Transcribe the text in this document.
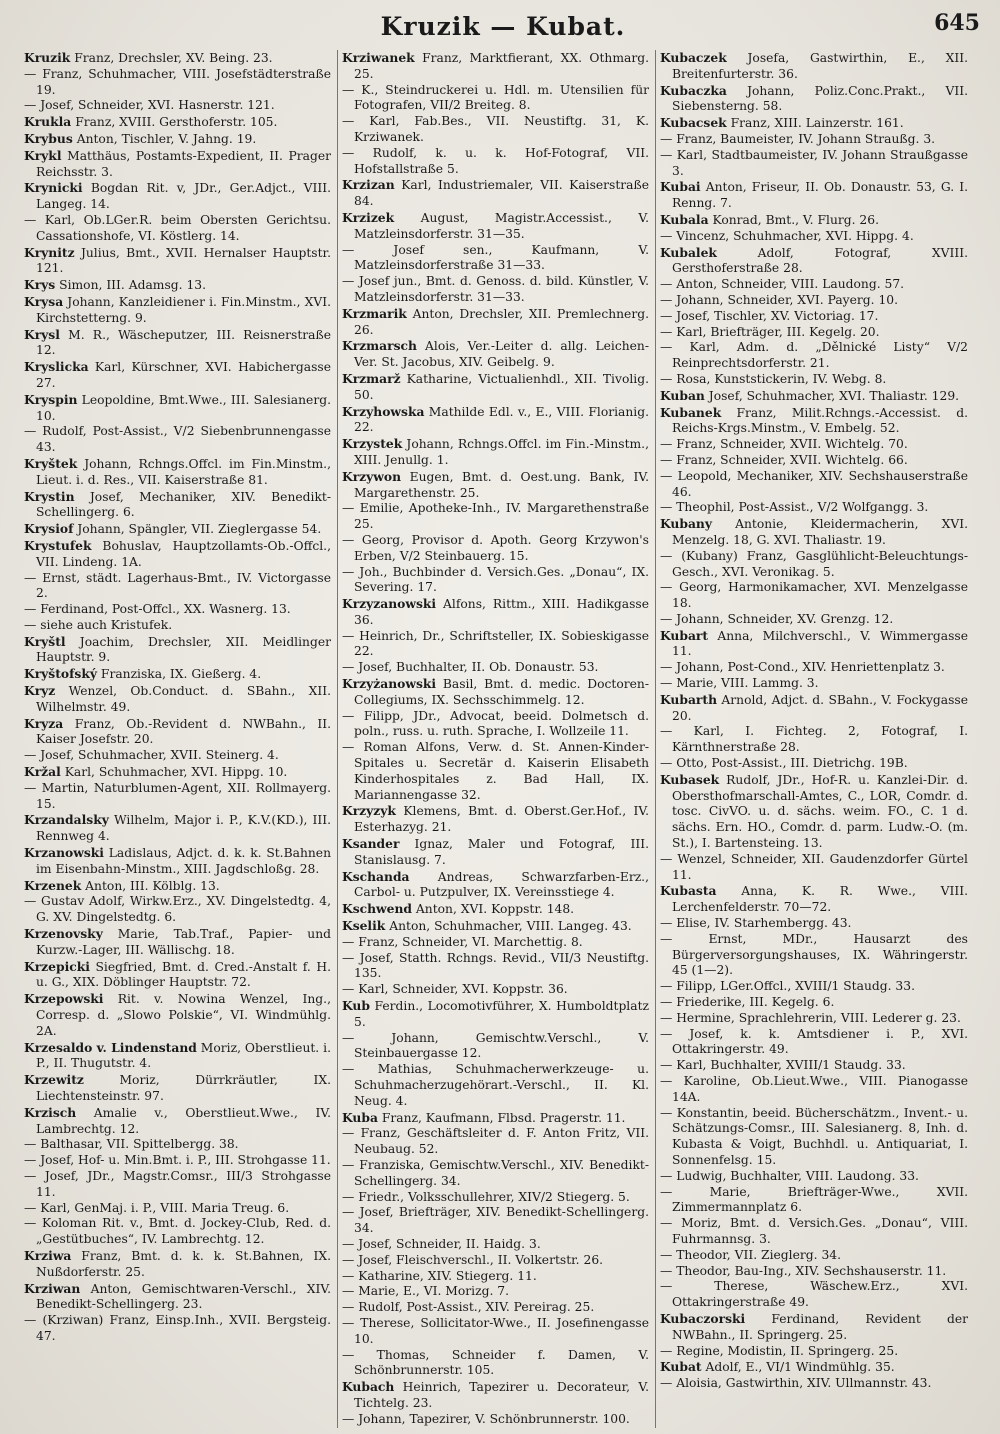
Kruzik — Kubat.	645
Kruzik Franz, Drechsler, XV. Being. 23.
— Franz, Schuhmacher, VIII. Josefstädterstraße 19.
— Josef, Schneider, XVI. Hasnerstr. 121.
Krukla Franz, XVIII. Gersthoferstr. 105.
Krybus Anton, Tischler, V. Jahng. 19.
Krykl Matthäus, Postamts-Expedient, II. Prager Reichsstr. 3.
Krynicki Bogdan Rit. v, JDr., Ger.Adjct., VIII. Langeg. 14.
— Karl, Ob.LGer.R. beim Obersten Gerichtsu. Cassationshofe, VI. Köstlerg. 14.
Krynitz Julius, Bmt., XVII. Hernalser Hauptstr. 121.
Krys Simon, III. Adamsg. 13.
Krysa Johann, Kanzleidiener i. Fin.Minstm., XVI. Kirchstetterng. 9.
Krysl M. R., Wäscheputzer, III. Reisnerstraße 12.
Kryslicka Karl, Kürschner, XVI. Habichergasse 27.
Kryspin Leopoldine, Bmt.Wwe., III. Salesianerg. 10.
— Rudolf, Post-Assist., V/2 Siebenbrunnengasse 43.
Kryštek Johann, Rchngs.Offcl. im Fin.Minstm., Lieut. i. d. Res., VII. Kaiserstraße 81.
Krystin Josef, Mechaniker, XIV. Benedikt-Schellingerg. 6.
Krysiof Johann, Spängler, VII. Zieglergasse 54.
Krystufek Bohuslav, Hauptzollamts-Ob.-Offcl., VII. Lindeng. 1A.
— Ernst, städt. Lagerhaus-Bmt., IV. Victorgasse 2.
— Ferdinand, Post-Offcl., XX. Wasnerg. 13.
— siehe auch Kristufek.
Kryštl Joachim, Drechsler, XII. Meidlinger Hauptstr. 9.
Kryštofský Franziska, IX. Gießerg. 4.
Kryz Wenzel, Ob.Conduct. d. SBahn., XII. Wilhelmstr. 49.
Kryza Franz, Ob.-Revident d. NWBahn., II. Kaiser Josefstr. 20.
— Josef, Schuhmacher, XVII. Steinerg. 4.
Kržal Karl, Schuhmacher, XVI. Hippg. 10.
— Martin, Naturblumen-Agent, XII. Rollmayerg. 15.
Krzandalsky Wilhelm, Major i. P., K.V.(KD.), III. Rennweg 4.
Krzanowski Ladislaus, Adjct. d. k. k. St.Bahnen im Eisenbahn-Minstm., XIII. Jagdschloßg. 28.
Krzenek Anton, III. Kölblg. 13.
— Gustav Adolf, Wirkw.Erz., XV. Dingelstedtg. 4, G. XV. Dingelstedtg. 6.
Krzenovsky Marie, Tab.Traf., Papier- und Kurzw.-Lager, III. Wällischg. 18.
Krzepicki Siegfried, Bmt. d. Cred.-Anstalt f. H. u. G., XIX. Döblinger Hauptstr. 72.
Krzepowski Rit. v. Nowina Wenzel, Ing., Corresp. d. „Slowo Polskie“, VI. Windmühlg. 2A.
Krzesaldo v. Lindenstand Moriz, Oberstlieut. i. P., II. Thugutstr. 4.
Krzewitz Moriz, Dürrkräutler, IX. Liechtensteinstr. 97.
Krzisch Amalie v., Oberstlieut.Wwe., IV. Lambrechtg. 12.
— Balthasar, VII. Spittelbergg. 38.
— Josef, Hof- u. Min.Bmt. i. P., III. Strohgasse 11.
— Josef, JDr., Magstr.Comsr., III/3 Strohgasse 11.
— Karl, GenMaj. i. P., VIII. Maria Treug. 6.
— Koloman Rit. v., Bmt. d. Jockey-Club, Red. d. „Gestütbuches“, IV. Lambrechtg. 12.
Krziwa Franz, Bmt. d. k. k. St.Bahnen, IX. Nußdorferstr. 25.
Krziwan Anton, Gemischtwaren-Verschl., XIV. Benedikt-Schellingerg. 23.
— (Krziwan) Franz, Einsp.Inh., XVII. Bergsteig. 47.
Krziwanek Franz, Marktfierant, XX. Othmarg. 25.
— K., Steindruckerei u. Hdl. m. Utensilien für Fotografen, VII/2 Breiteg. 8.
— Karl, Fab.Bes., VII. Neustiftg. 31, K. Krziwanek.
— Rudolf, k. u. k. Hof-Fotograf, VII. Hofstallstraße 5.
Krzizan Karl, Industriemaler, VII. Kaiserstraße 84.
Krzizek August, Magistr.Accessist., V. Matzleinsdorferstr. 31—35.
— Josef sen., Kaufmann, V. Matzleinsdorferstraße 31—33.
— Josef jun., Bmt. d. Genoss. d. bild. Künstler, V. Matzleinsdorferstr. 31—33.
Krzmarik Anton, Drechsler, XII. Premlechnerg. 26.
Krzmarsch Alois, Ver.-Leiter d. allg. Leichen-Ver. St. Jacobus, XIV. Geibelg. 9.
Krzmarž Katharine, Victualienhdl., XII. Tivolig. 50.
Krzyhowska Mathilde Edl. v., E., VIII. Florianig. 22.
Krzystek Johann, Rchngs.Offcl. im Fin.-Minstm., XIII. Jenullg. 1.
Krzywon Eugen, Bmt. d. Oest.ung. Bank, IV. Margarethenstr. 25.
— Emilie, Apotheke-Inh., IV. Margarethenstraße 25.
— Georg, Provisor d. Apoth. Georg Krzywon's Erben, V/2 Steinbauerg. 15.
— Joh., Buchbinder d. Versich.Ges. „Donau“, IX. Severing. 17.
Krzyzanowski Alfons, Rittm., XIII. Hadikgasse 36.
— Heinrich, Dr., Schriftsteller, IX. Sobieskigasse 22.
— Josef, Buchhalter, II. Ob. Donaustr. 53.
Krzyżanowski Basil, Bmt. d. medic. Doctoren-Collegiums, IX. Sechsschimmelg. 12.
— Filipp, JDr., Advocat, beeid. Dolmetsch d. poln., russ. u. ruth. Sprache, I. Wollzeile 11.
— Roman Alfons, Verw. d. St. Annen-Kinder-Spitales u. Secretär d. Kaiserin Elisabeth Kinderhospitales z. Bad Hall, IX. Mariannengasse 32.
Krzyzyk Klemens, Bmt. d. Oberst.Ger.Hof., IV. Esterhazyg. 21.
Ksander Ignaz, Maler und Fotograf, III. Stanislausg. 7.
Kschanda Andreas, Schwarzfarben-Erz., Carbol- u. Putzpulver, IX. Vereinsstiege 4.
Kschwend Anton, XVI. Koppstr. 148.
Kselik Anton, Schuhmacher, VIII. Langeg. 43.
— Franz, Schneider, VI. Marchettig. 8.
— Josef, Statth. Rchngs. Revid., VII/3 Neustiftg. 135.
— Karl, Schneider, XVI. Koppstr. 36.
Kub Ferdin., Locomotivführer, X. Humboldtplatz 5.
— Johann, Gemischtw.Verschl., V. Steinbauergasse 12.
— Mathias, Schuhmacherwerkzeuge- u. Schuhmacherzugehörart.-Verschl., II. Kl. Neug. 4.
Kuba Franz, Kaufmann, Flbsd. Pragerstr. 11.
— Franz, Geschäftsleiter d. F. Anton Fritz, VII. Neubaug. 52.
— Franziska, Gemischtw.Verschl., XIV. Benedikt-Schellingerg. 34.
— Friedr., Volksschullehrer, XIV/2 Stiegerg. 5.
— Josef, Briefträger, XIV. Benedikt-Schellingerg. 34.
— Josef, Schneider, II. Haidg. 3.
— Josef, Fleischverschl., II. Volkertstr. 26.
— Katharine, XIV. Stiegerg. 11.
— Marie, E., VI. Morizg. 7.
— Rudolf, Post-Assist., XIV. Pereirag. 25.
— Therese, Sollicitator-Wwe., II. Josefinengasse 10.
— Thomas, Schneider f. Damen, V. Schönbrunnerstr. 105.
Kubach Heinrich, Tapezirer u. Decorateur, V. Tichtelg. 23.
— Johann, Tapezirer, V. Schönbrunnerstr. 100.
Kubaczek Josefa, Gastwirthin, E., XII. Breitenfurterstr. 36.
Kubaczka Johann, Poliz.Conc.Prakt., VII. Siebensterng. 58.
Kubacsek Franz, XIII. Lainzerstr. 161.
— Franz, Baumeister, IV. Johann Straußg. 3.
— Karl, Stadtbaumeister, IV. Johann Straußgasse 3.
Kubai Anton, Friseur, II. Ob. Donaustr. 53, G. I. Renng. 7.
Kubala Konrad, Bmt., V. Flurg. 26.
— Vincenz, Schuhmacher, XVI. Hippg. 4.
Kubalek Adolf, Fotograf, XVIII. Gersthoferstraße 28.
— Anton, Schneider, VIII. Laudong. 57.
— Johann, Schneider, XVI. Payerg. 10.
— Josef, Tischler, XV. Victoriag. 17.
— Karl, Briefträger, III. Kegelg. 20.
— Karl, Adm. d. „Dělnické Listy“ V/2 Reinprechtsdorferstr. 21.
— Rosa, Kunststickerin, IV. Webg. 8.
Kuban Josef, Schuhmacher, XVI. Thaliastr. 129.
Kubanek Franz, Milit.Rchngs.-Accessist. d. Reichs-Krgs.Minstm., V. Embelg. 52.
— Franz, Schneider, XVII. Wichtelg. 70.
— Franz, Schneider, XVII. Wichtelg. 66.
— Leopold, Mechaniker, XIV. Sechshauserstraße 46.
— Theophil, Post-Assist., V/2 Wolfgangg. 3.
Kubany Antonie, Kleidermacherin, XVI. Menzelg. 18, G. XVI. Thaliastr. 19.
— (Kubany) Franz, Gasglühlicht-Beleuchtungs-Gesch., XVI. Veronikag. 5.
— Georg, Harmonikamacher, XVI. Menzelgasse 18.
— Johann, Schneider, XV. Grenzg. 12.
Kubart Anna, Milchverschl., V. Wimmergasse 11.
— Johann, Post-Cond., XIV. Henriettenplatz 3.
— Marie, VIII. Lammg. 3.
Kubarth Arnold, Adjct. d. SBahn., V. Fockygasse 20.
— Karl, I. Fichteg. 2, Fotograf, I. Kärnthnerstraße 28.
— Otto, Post-Assist., III. Dietrichg. 19B.
Kubasek Rudolf, JDr., Hof-R. u. Kanzlei-Dir. d. Obersthofmarschall-Amtes, C., LOR, Comdr. d. tosc. CivVO. u. d. sächs. weim. FO., C. 1 d. sächs. Ern. HO., Comdr. d. parm. Ludw.-O. (m. St.), I. Bartensteing. 13.
— Wenzel, Schneider, XII. Gaudenzdorfer Gürtel 11.
Kubasta Anna, K. R. Wwe., VIII. Lerchenfelderstr. 70—72.
— Elise, IV. Starhembergg. 43.
— Ernst, MDr., Hausarzt des Bürgerversorgungshauses, IX. Währingerstr. 45 (1—2).
— Filipp, LGer.Offcl., XVIII/1 Staudg. 33.
— Friederike, III. Kegelg. 6.
— Hermine, Sprachlehrerin, VIII. Lederer g. 23.
— Josef, k. k. Amtsdiener i. P., XVI. Ottakringerstr. 49.
— Karl, Buchhalter, XVIII/1 Staudg. 33.
— Karoline, Ob.Lieut.Wwe., VIII. Pianogasse 14A.
— Konstantin, beeid. Bücherschätzm., Invent.- u. Schätzungs-Comsr., III. Salesianerg. 8, Inh. d. Kubasta & Voigt, Buchhdl. u. Antiquariat, I. Sonnenfelsg. 15.
— Ludwig, Buchhalter, VIII. Laudong. 33.
— Marie, Briefträger-Wwe., XVII. Zimmermannplatz 6.
— Moriz, Bmt. d. Versich.Ges. „Donau“, VIII. Fuhrmannsg. 3.
— Theodor, VII. Zieglerg. 34.
— Theodor, Bau-Ing., XIV. Sechshauserstr. 11.
— Therese, Wäschew.Erz., XVI. Ottakringerstraße 49.
Kubaczorski Ferdinand, Revident der NWBahn., II. Springerg. 25.
— Regine, Modistin, II. Springerg. 25.
Kubat Adolf, E., VI/1 Windmühlg. 35.
— Aloisia, Gastwirthin, XIV. Ullmannstr. 43.
